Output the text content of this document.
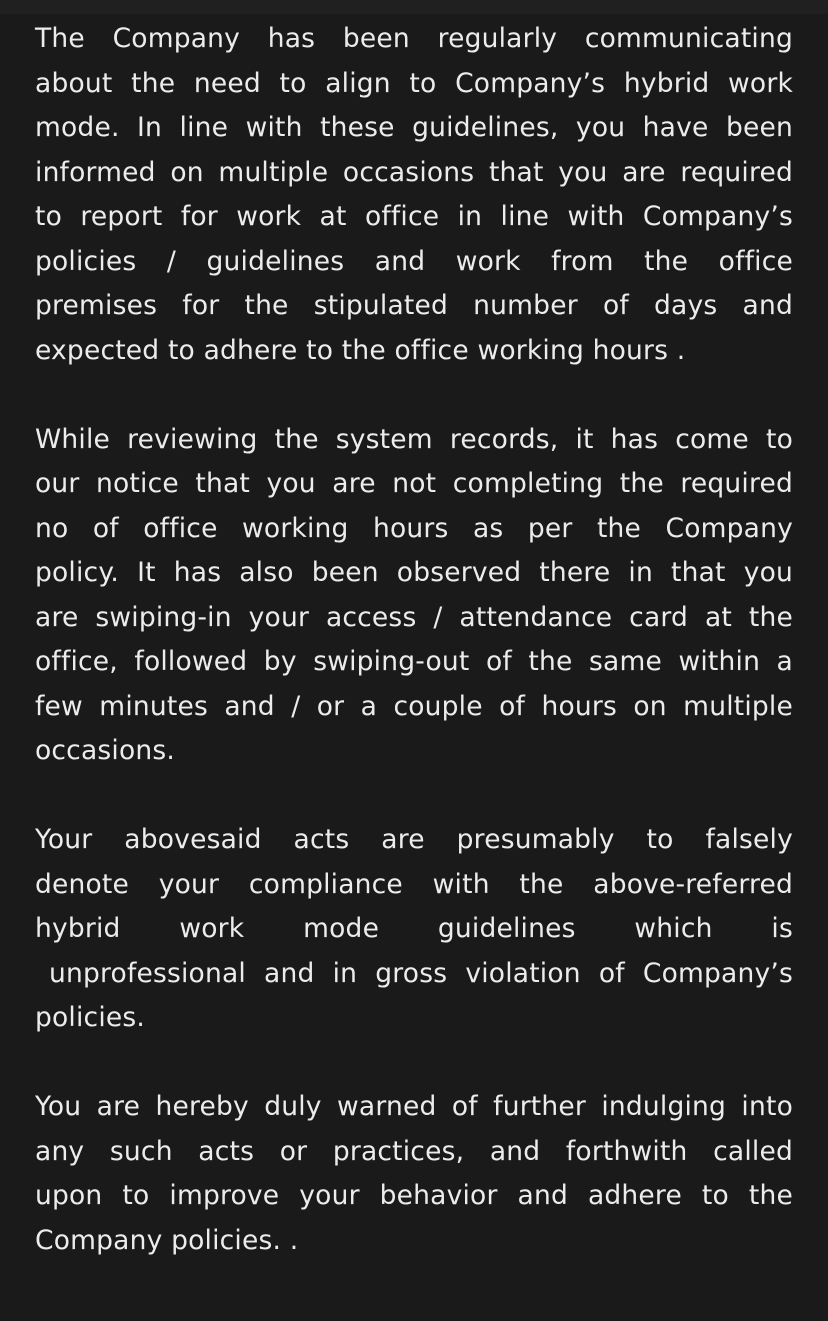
The Company has been regularly communicating
about the need to align to Company’s hybrid work
mode. In line with these guidelines, you have been
informed on multiple occasions that you are required
to report for work at office in line with Company’s
policies / guidelines and work from the office
premises for the stipulated number of days and
expected to adhere to the office working hours .
While reviewing the system records, it has come to
our notice that you are not completing the required
no of office working hours as per the Company
policy. It has also been observed there in that you
are swiping-in your access / attendance card at the
office, followed by swiping-out of the same within a
few minutes and / or a couple of hours on multiple
occasions.
Your abovesaid acts are presumably to falsely
denote your compliance with the above-referred
hybrid work mode guidelines which is
unprofessional and in gross violation of Company’s
policies.
You are hereby duly warned of further indulging into
any such acts or practices, and forthwith called
upon to improve your behavior and adhere to the
Company policies. .
